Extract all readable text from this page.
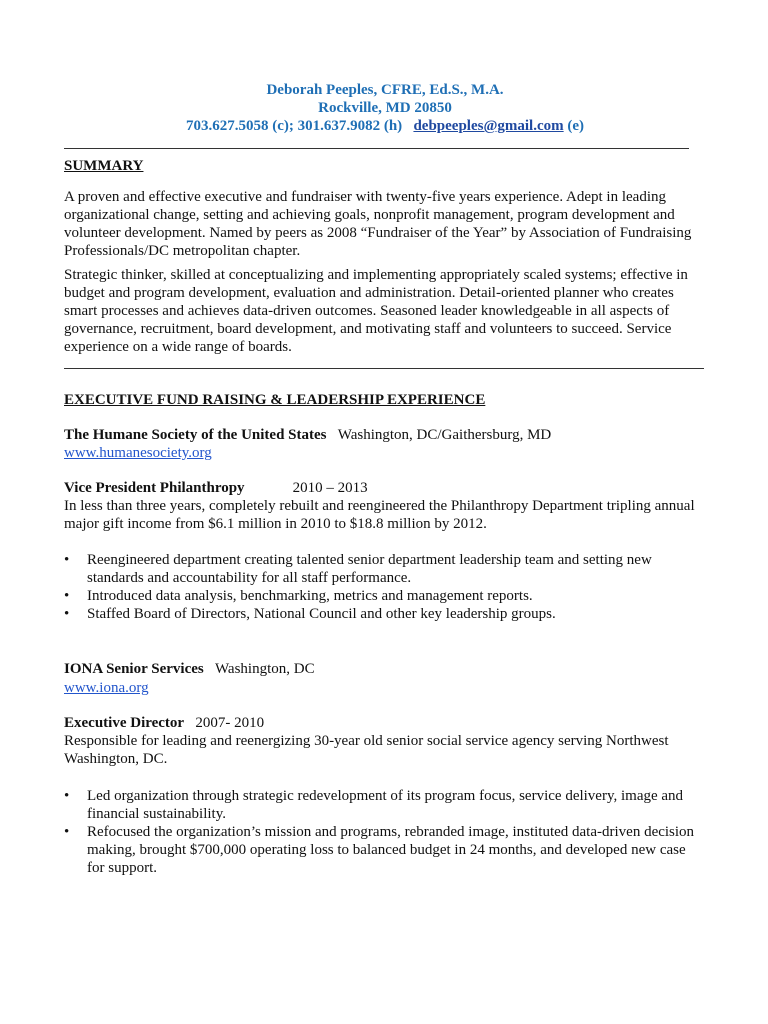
Deborah Peeples, CFRE, Ed.S., M.A.
Rockville, MD 20850
703.627.5058 (c); 301.637.9082 (h) debpeeples@gmail.com (e)
SUMMARY

A proven and effective executive and fundraiser with twenty-five years experience. Adept in leading organizational change, setting and achieving goals, nonprofit management, program development and volunteer development. Named by peers as 2008 “Fundraiser of the Year” by Association of Fundraising Professionals/DC metropolitan chapter.

Strategic thinker, skilled at conceptualizing and implementing appropriately scaled systems; effective in budget and program development, evaluation and administration. Detail-oriented planner who creates smart processes and achieves data-driven outcomes. Seasoned leader knowledgeable in all aspects of governance, recruitment, board development, and motivating staff and volunteers to succeed. Service experience on a wide range of boards.

EXECUTIVE FUND RAISING & LEADERSHIP EXPERIENCE
The Humane Society of the United States Washington, DC/Gaithersburg, MD
www.humanesociety.org
Vice President Philanthropy	2010 – 2013

In less than three years, completely rebuilt and reengineered the Philanthropy Department tripling annual major gift income from $6.1 million in 2010 to $18.8 million by 2012.

• Reengineered department creating talented senior department leadership team and setting new standards and accountability for all staff performance.
• Introduced data analysis, benchmarking, metrics and management reports.
• Staffed Board of Directors, National Council and other key leadership groups.
IONA Senior Services Washington, DC
www.iona.org
Executive Director 2007- 2010

Responsible for leading and reenergizing 30-year old senior social service agency serving Northwest Washington, DC.

• Led organization through strategic redevelopment of its program focus, service delivery, image and financial sustainability.
• Refocused the organization’s mission and programs, rebranded image, instituted data-driven decision making, brought $700,000 operating loss to balanced budget in 24 months, and developed new case for support.
